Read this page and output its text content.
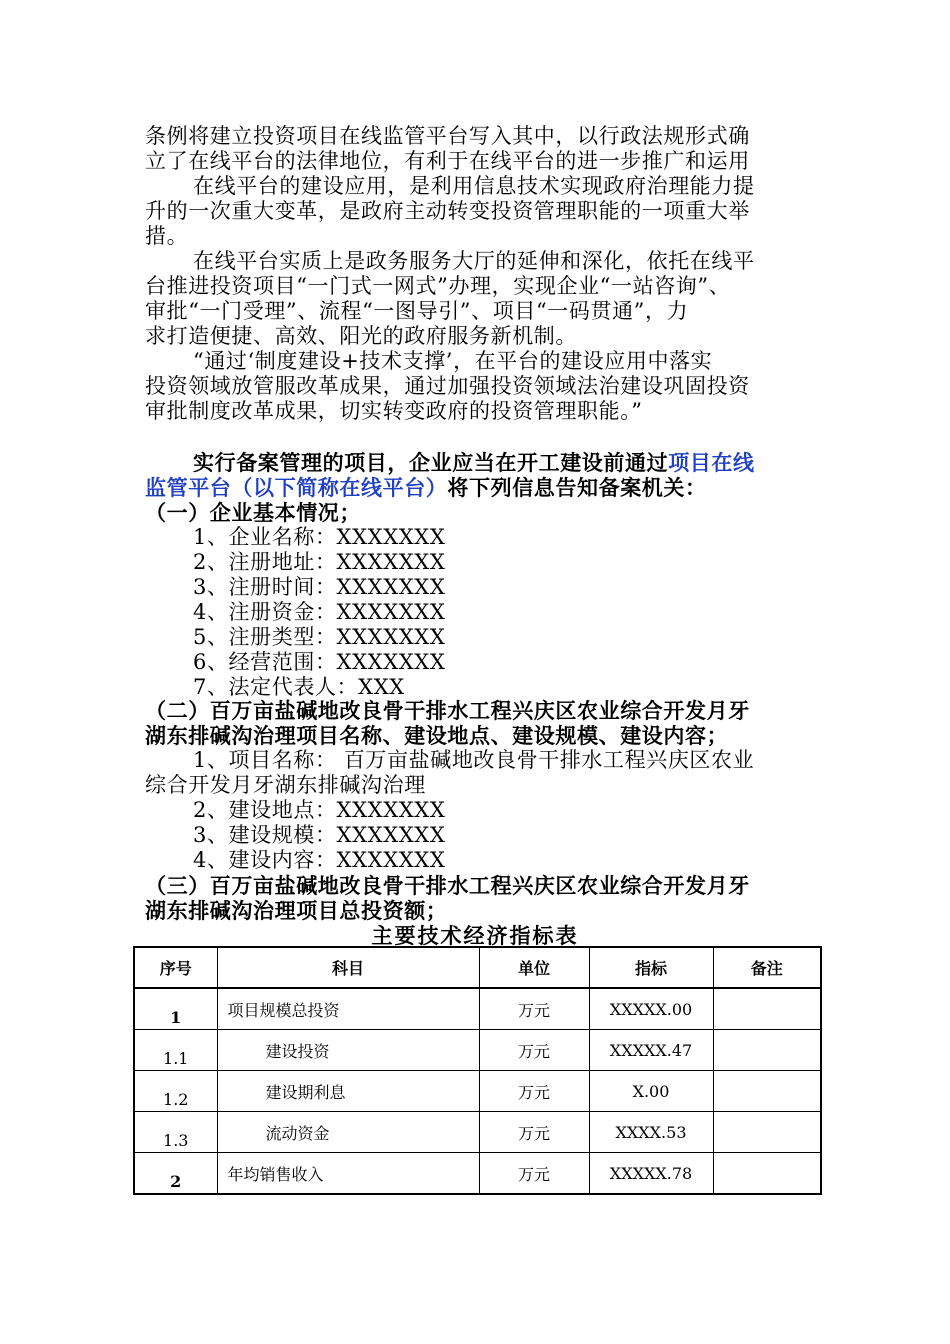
条例将建立投资项目在线监管平台写入其中，以行政法规形式确
立了在线平台的法律地位，有利于在线平台的进一步推广和运用
在线平台的建设应用，是利用信息技术实现政府治理能力提
升的一次重大变革，是政府主动转变投资管理职能的一项重大举
措。
在线平台实质上是政务服务大厅的延伸和深化，依托在线平
台推进投资项目“一门式一网式”办理，实现企业“一站咨询”、
审批“一门受理”、流程“一图导引”、项目“一码贯通”，力
求打造便捷、高效、阳光的政府服务新机制。
“通过‘制度建设+技术支撑’，在平台的建设应用中落实
投资领域放管服改革成果，通过加强投资领域法治建设巩固投资
审批制度改革成果，切实转变政府的投资管理职能。”
实行备案管理的项目，企业应当在开工建设前通过项目在线
监管平台（以下简称在线平台）将下列信息告知备案机关：
（一）企业基本情况；
1、企业名称：XXXXXXX
2、注册地址：XXXXXXX
3、注册时间：XXXXXXX
4、注册资金：XXXXXXX
5、注册类型：XXXXXXX
6、经营范围：XXXXXXX
7、法定代表人：XXX
（二）百万亩盐碱地改良骨干排水工程兴庆区农业综合开发月牙
湖东排碱沟治理项目名称、建设地点、建设规模、建设内容；
1、项目名称： 百万亩盐碱地改良骨干排水工程兴庆区农业
综合开发月牙湖东排碱沟治理
2、建设地点：XXXXXXX
3、建设规模：XXXXXXX
4、建设内容：XXXXXXX
（三）百万亩盐碱地改良骨干排水工程兴庆区农业综合开发月牙
湖东排碱沟治理项目总投资额；
主要技术经济指标表
序号	科目	单位	指标	备注
1	项目规模总投资	万元	XXXXX.00	
1.1	建设投资	万元	XXXXX.47	
1.2	建设期利息	万元	X.00	
1.3	流动资金	万元	XXXX.53	
2	年均销售收入	万元	XXXXX.78	
